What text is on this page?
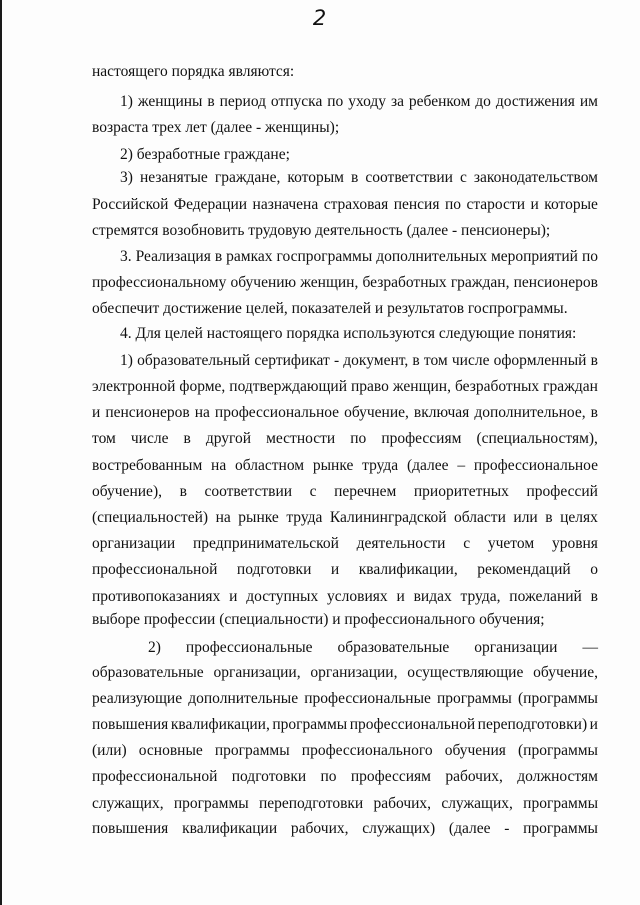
2
настоящего порядка являются:
1) женщины в период отпуска по уходу за ребенком до достижения им
возраста трех лет (далее - женщины);
2) безработные граждане;
3) незанятые граждане, которым в соответствии с законодательством
Российской Федерации назначена страховая пенсия по старости и которые
стремятся возобновить трудовую деятельность (далее - пенсионеры);
3. Реализация в рамках госпрограммы дополнительных мероприятий по
профессиональному обучению женщин, безработных граждан, пенсионеров
обеспечит достижение целей, показателей и результатов госпрограммы.
4. Для целей настоящего порядка используются следующие понятия:
1) образовательный сертификат - документ, в том числе оформленный в
электронной форме, подтверждающий право женщин, безработных граждан
и пенсионеров на профессиональное обучение, включая дополнительное, в
том числе в другой местности по профессиям (специальностям),
востребованным на областном рынке труда (далее – профессиональное
обучение), в соответствии с перечнем приоритетных профессий
(специальностей) на рынке труда Калининградской области или в целях
организации предпринимательской деятельности с учетом уровня
профессиональной подготовки и квалификации, рекомендаций о
противопоказаниях и доступных условиях и видах труда, пожеланий в
выборе профессии (специальности) и профессионального обучения;
2) профессиональные образовательные организации —
образовательные организации, организации, осуществляющие обучение,
реализующие дополнительные профессиональные программы (программы
повышения квалификации, программы профессиональной переподготовки) и
(или) основные программы профессионального обучения (программы
профессиональной подготовки по профессиям рабочих, должностям
служащих, программы переподготовки рабочих, служащих, программы
повышения квалификации рабочих, служащих) (далее - программы
